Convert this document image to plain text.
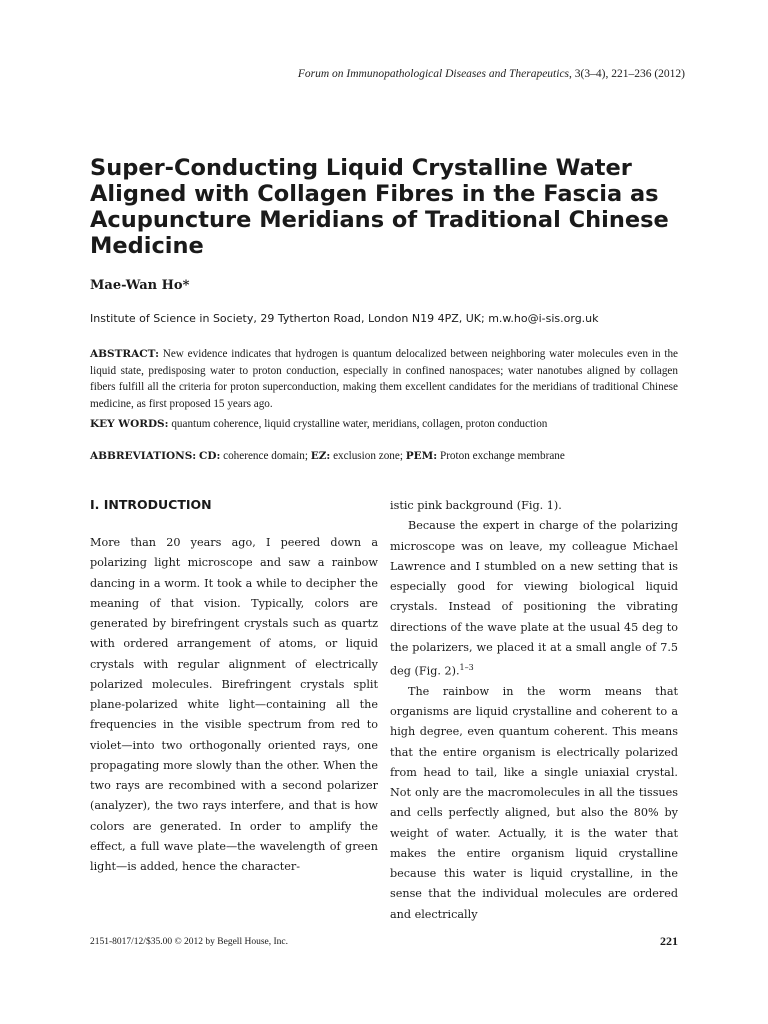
Forum on Immunopathological Diseases and Therapeutics, 3(3–4), 221–236 (2012)
Super-Conducting Liquid Crystalline Water Aligned with Collagen Fibres in the Fascia as Acupuncture Meridians of Traditional Chinese Medicine
Mae-Wan Ho*
Institute of Science in Society, 29 Tytherton Road, London N19 4PZ, UK; m.w.ho@i-sis.org.uk

ABSTRACT: New evidence indicates that hydrogen is quantum delocalized between neighboring water molecules even in the liquid state, predisposing water to proton conduction, especially in confined nanospaces; water nanotubes aligned by collagen fibers fulfill all the criteria for proton superconduction, making them excellent candidates for the meridians of traditional Chinese medicine, as first proposed 15 years ago.

KEY WORDS: quantum coherence, liquid crystalline water, meridians, collagen, proton conduction
ABBREVIATIONS: CD: coherence domain; EZ: exclusion zone; PEM: Proton exchange membrane
I. INTRODUCTION

More than 20 years ago, I peered down a polarizing light microscope and saw a rainbow dancing in a worm. It took a while to decipher the meaning of that vision. Typically, colors are generated by birefringent crystals such as quartz with ordered arrangement of atoms, or liquid crystals with regular alignment of electrically polarized molecules. Birefringent crystals split plane-polarized white light—containing all the frequencies in the visible spectrum from red to violet—into two orthogonally oriented rays, one propagating more slowly than the other. When the two rays are recombined with a second polarizer (analyzer), the two rays interfere, and that is how colors are generated. In order to amplify the effect, a full wave plate—the wavelength of green light—is added, hence the character-

istic pink background (Fig. 1).

Because the expert in charge of the polarizing microscope was on leave, my colleague Michael Lawrence and I stumbled on a new setting that is especially good for viewing biological liquid crystals. Instead of positioning the vibrating directions of the wave plate at the usual 45 deg to the polarizers, we placed it at a small angle of 7.5 deg (Fig. 2).$^{1-3}$

The rainbow in the worm means that organisms are liquid crystalline and coherent to a high degree, even quantum coherent. This means that the entire organism is electrically polarized from head to tail, like a single uniaxial crystal. Not only are the macromolecules in all the tissues and cells perfectly aligned, but also the 80% by weight of water. Actually, it is the water that makes the entire organism liquid crystalline because this water is liquid crystalline, in the sense that the individual molecules are ordered and electrically

2151-8017/12/$35.00 © 2012 by Begell House, Inc.	221
